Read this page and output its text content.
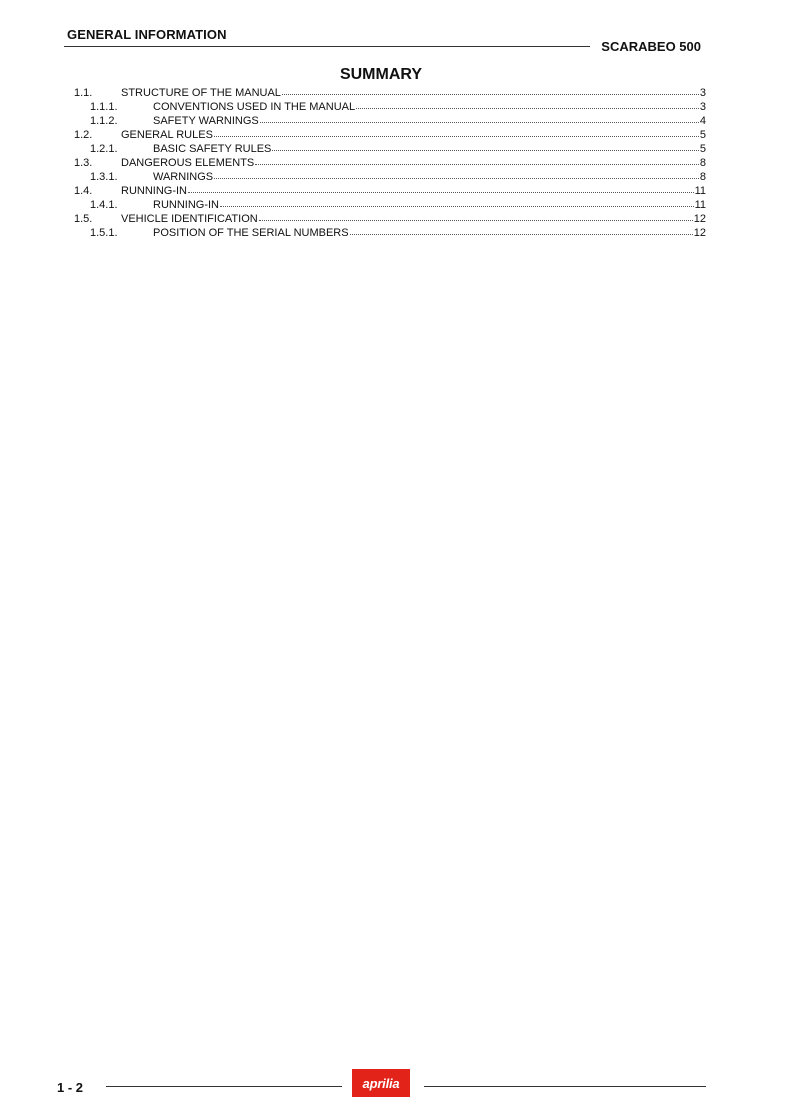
GENERAL INFORMATION
SCARABEO 500
SUMMARY
1.1.	STRUCTURE OF THE MANUAL	3
1.1.1.	CONVENTIONS USED IN THE MANUAL	3
1.1.2.	SAFETY WARNINGS	4
1.2.	GENERAL RULES	5
1.2.1.	BASIC SAFETY RULES	5
1.3.	DANGEROUS ELEMENTS	8
1.3.1.	WARNINGS	8
1.4.	RUNNING-IN	11
1.4.1.	RUNNING-IN	11
1.5.	VEHICLE IDENTIFICATION	12
1.5.1.	POSITION OF THE SERIAL NUMBERS	12
1 - 2	aprilia
